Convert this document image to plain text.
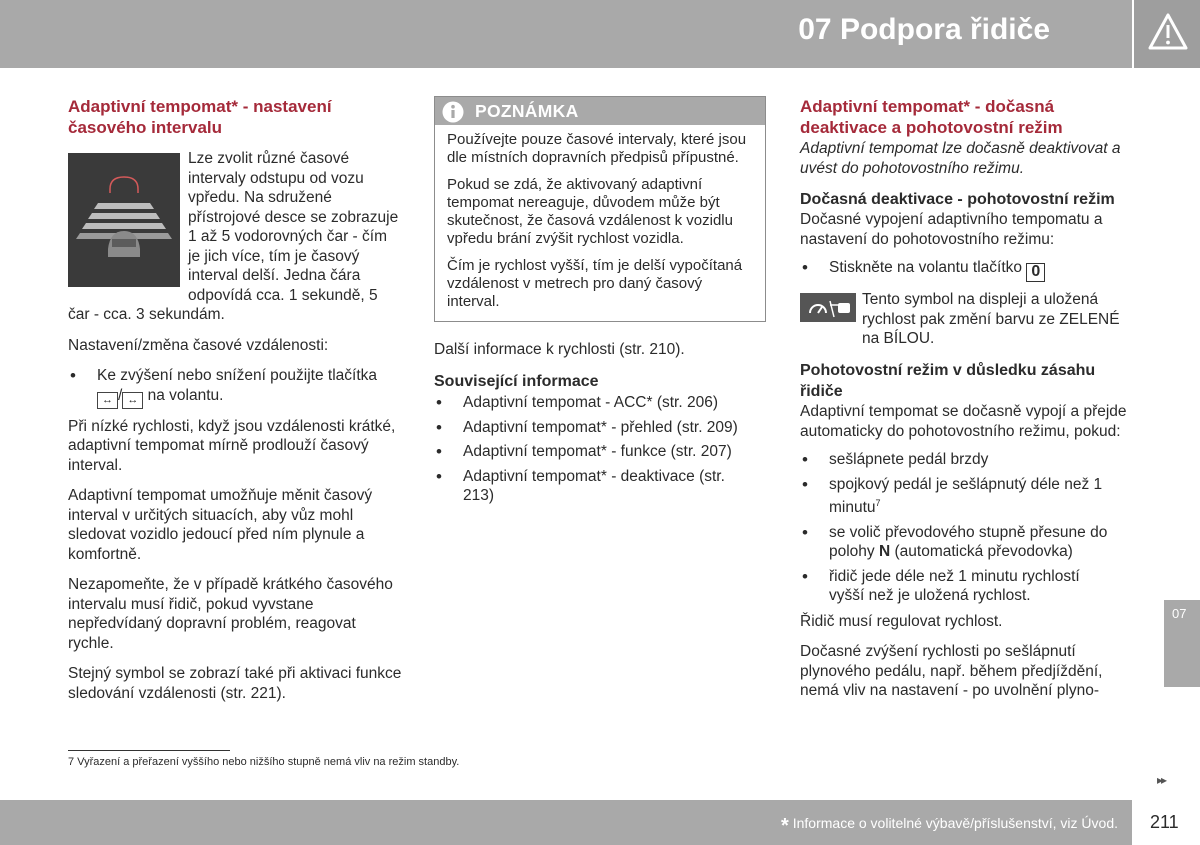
07 Podpora řidiče
Adaptivní tempomat* - nastavení časového intervalu

Lze zvolit různé časové intervaly odstupu od vozu vpředu. Na sdružené přístrojové desce se zobrazuje 1 až 5 vodorovných čar - čím je jich více, tím je časový interval delší. Jedna čára odpovídá cca. 1 sekundě, 5 čar - cca. 3 sekundám.

Nastavení/změna časové vzdálenosti:

• Ke zvýšení nebo snížení použijte tlačítka
↔ / ↔ na volantu.

Při nízké rychlosti, když jsou vzdálenosti krátké, adaptivní tempomat mírně prodlouží časový interval.

Adaptivní tempomat umožňuje měnit časový interval v určitých situacích, aby vůz mohl sledovat vozidlo jedoucí před ním plynule a komfortně.

Nezapomeňte, že v případě krátkého časového intervalu musí řidič, pokud vyvstane nepředvídaný dopravní problém, reagovat rychle.

Stejný symbol se zobrazí také při aktivaci funkce sledování vzdálenosti (str. 221).

POZNÁMKA

Používejte pouze časové intervaly, které jsou dle místních dopravních předpisů přípustné.

Pokud se zdá, že aktivovaný adaptivní tempomat nereaguje, důvodem může být skutečnost, že časová vzdálenost k vozidlu vpředu brání zvýšit rychlost vozidla.

Čím je rychlost vyšší, tím je delší vypočítaná vzdálenost v metrech pro daný časový interval.

Další informace k rychlosti (str. 210).

Související informace
• Adaptivní tempomat - ACC* (str. 206)
• Adaptivní tempomat* - přehled (str. 209)
• Adaptivní tempomat* - funkce (str. 207)
• Adaptivní tempomat* - deaktivace (str. 213)
Adaptivní tempomat* - dočasná deaktivace a pohotovostní režim

Adaptivní tempomat lze dočasně deaktivovat a uvést do pohotovostního režimu.

Dočasná deaktivace - pohotovostní režim

Dočasné vypojení adaptivního tempomatu a nastavení do pohotovostního režimu:

• Stiskněte na volantu tlačítko 0

Tento symbol na displeji a uložená rychlost pak změní barvu ze ZELENÉ na BÍLOU.

Pohotovostní režim v důsledku zásahu řidiče

Adaptivní tempomat se dočasně vypojí a přejde automaticky do pohotovostního režimu, pokud:

• sešlápnete pedál brzdy
• spojkový pedál je sešlápnutý déle než 1 minutu$^7$
• se volič převodového stupně přesune do polohy N (automatická převodovka)
• řidič jede déle než 1 minutu rychlostí vyšší než je uložená rychlost.

Řidič musí regulovat rychlost.

Dočasné zvýšení rychlosti po sešlápnutí plynového pedálu, např. během předjíždění, nemá vliv na nastavení - po uvolnění plyno-

7 Vyřazení a přeřazení vyššího nebo nižšího stupně nemá vliv na režim standby.
▸▸
07
* Informace o volitelné výbavě/příslušenství, viz Úvod. 211
